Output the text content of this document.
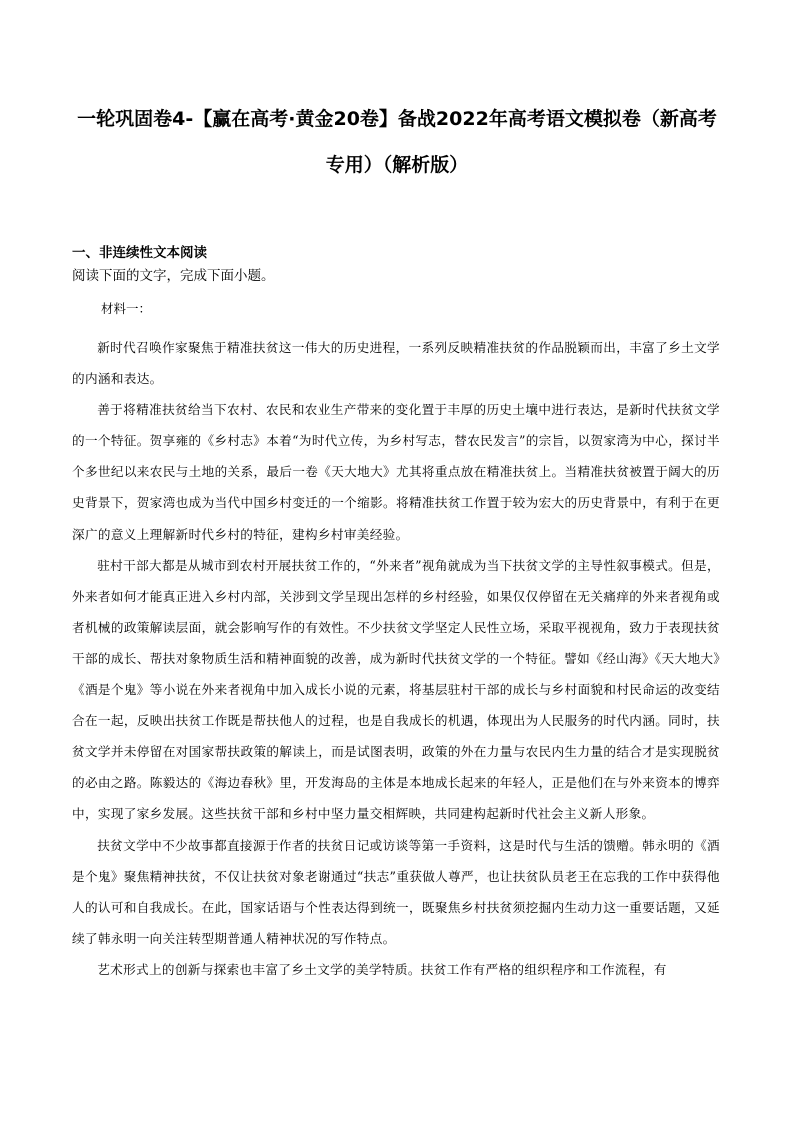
一轮巩固卷4-【赢在高考·黄金20卷】备战2022年高考语文模拟卷（新高考专用）（解析版）
一、非连续性文本阅读
阅读下面的文字，完成下面小题。
材料一：

新时代召唤作家聚焦于精准扶贫这一伟大的历史进程，一系列反映精准扶贫的作品脱颖而出，丰富了乡土文学的内涵和表达。

善于将精准扶贫给当下农村、农民和农业生产带来的变化置于丰厚的历史土壤中进行表达，是新时代扶贫文学的一个特征。贺享雍的《乡村志》本着“为时代立传，为乡村写志，替农民发言”的宗旨，以贺家湾为中心，探讨半个多世纪以来农民与土地的关系，最后一卷《天大地大》尤其将重点放在精准扶贫上。当精准扶贫被置于阔大的历史背景下，贺家湾也成为当代中国乡村变迁的一个缩影。将精准扶贫工作置于较为宏大的历史背景中，有利于在更深广的意义上理解新时代乡村的特征，建构乡村审美经验。

驻村干部大都是从城市到农村开展扶贫工作的，“外来者”视角就成为当下扶贫文学的主导性叙事模式。但是，外来者如何才能真正进入乡村内部，关涉到文学呈现出怎样的乡村经验，如果仅仅停留在无关痛痒的外来者视角或者机械的政策解读层面，就会影响写作的有效性。不少扶贫文学坚定人民性立场，采取平视视角，致力于表现扶贫干部的成长、帮扶对象物质生活和精神面貌的改善，成为新时代扶贫文学的一个特征。譬如《经山海》《天大地大》《酒是个鬼》等小说在外来者视角中加入成长小说的元素，将基层驻村干部的成长与乡村面貌和村民命运的改变结合在一起，反映出扶贫工作既是帮扶他人的过程，也是自我成长的机遇，体现出为人民服务的时代内涵。同时，扶贫文学并未停留在对国家帮扶政策的解读上，而是试图表明，政策的外在力量与农民内生力量的结合才是实现脱贫的必由之路。陈毅达的《海边春秋》里，开发海岛的主体是本地成长起来的年轻人，正是他们在与外来资本的博弈中，实现了家乡发展。这些扶贫干部和乡村中坚力量交相辉映，共同建构起新时代社会主义新人形象。

扶贫文学中不少故事都直接源于作者的扶贫日记或访谈等第一手资料，这是时代与生活的馈赠。韩永明的《酒是个鬼》聚焦精神扶贫，不仅让扶贫对象老谢通过“扶志”重获做人尊严，也让扶贫队员老王在忘我的工作中获得他人的认可和自我成长。在此，国家话语与个性表达得到统一，既聚焦乡村扶贫须挖掘内生动力这一重要话题，又延续了韩永明一向关注转型期普通人精神状况的写作特点。

艺术形式上的创新与探索也丰富了乡土文学的美学特质。扶贫工作有严格的组织程序和工作流程，有
